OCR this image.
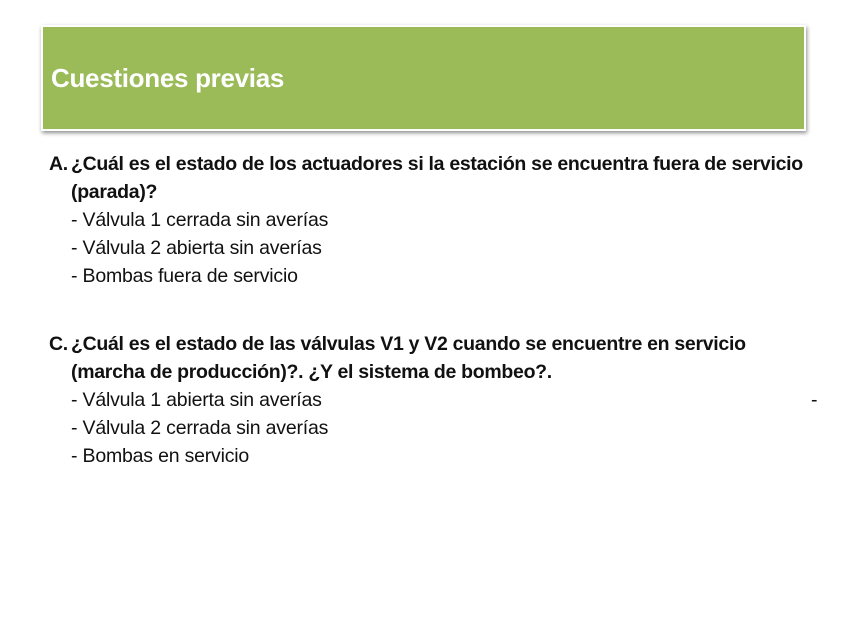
Cuestiones previas
A. ¿Cuál es el estado de los actuadores si la estación se encuentra fuera de servicio (parada)?
- Válvula 1 cerrada sin averías
- Válvula 2 abierta sin averías
- Bombas fuera de servicio
C. ¿Cuál es el estado de las válvulas V1 y V2 cuando se encuentre en servicio (marcha de producción)?. ¿Y el sistema de bombeo?.
- Válvula 1 abierta sin averías	-
- Válvula 2 cerrada sin averías
- Bombas en servicio
